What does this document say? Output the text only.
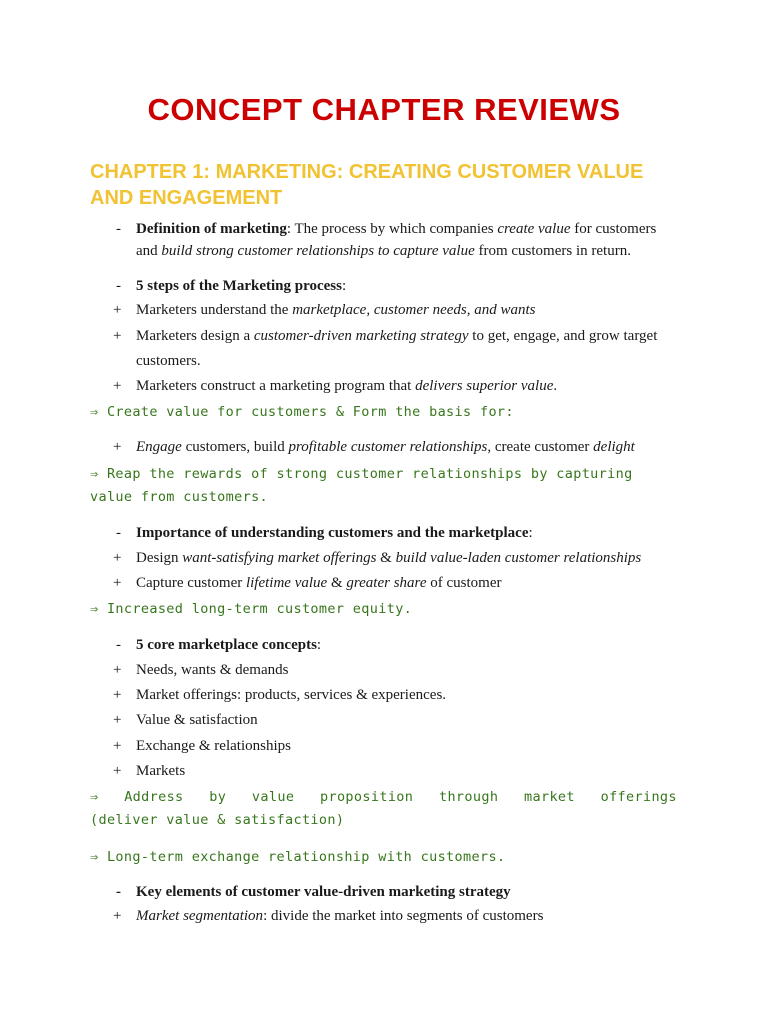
CONCEPT CHAPTER REVIEWS
CHAPTER 1: MARKETING: CREATING CUSTOMER VALUE
AND ENGAGEMENT
-	Definition of marketing: The process by which companies create value for customers
and build strong customer relationships to capture value from customers in return.
-	5 steps of the Marketing process:
+ Marketers understand the marketplace, customer needs, and wants
+ Marketers design a customer-driven marketing strategy to get, engage, and grow target
customers.
+ Marketers construct a marketing program that delivers superior value.
⇒ Create value for customers & Form the basis for:
+ Engage customers, build profitable customer relationships, create customer delight
⇒ Reap the rewards of strong customer relationships by capturing
value from customers.
-	Importance of understanding customers and the marketplace:
+ Design want-satisfying market offerings & build value-laden customer relationships
+ Capture customer lifetime value & greater share of customer
⇒ Increased long-term customer equity.
-	5 core marketplace concepts:
+ Needs, wants & demands
+ Market offerings: products, services & experiences.
+ Value & satisfaction
+ Exchange & relationships
+ Markets
⇒ Address by value proposition through market offerings
(deliver value & satisfaction)
⇒ Long-term exchange relationship with customers.
-	Key elements of customer value-driven marketing strategy
+ Market segmentation: divide the market into segments of customers
